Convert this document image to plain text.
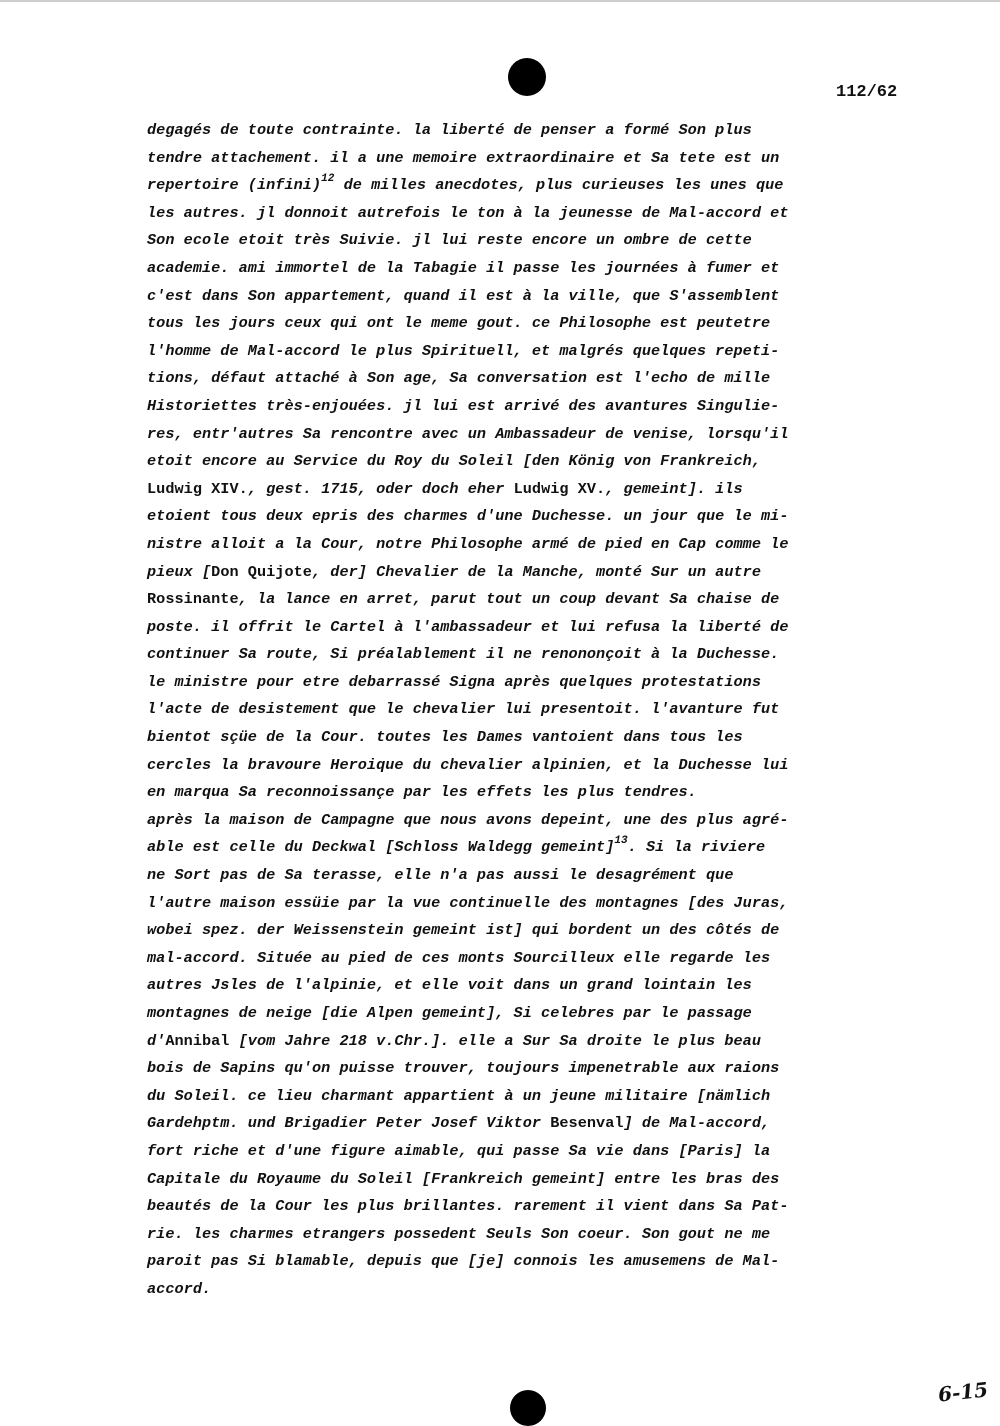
112/62
degagés de toute contrainte. la liberté de penser a formé Son plus
tendre attachement. il a une memoire extraordinaire et Sa tete est un
repertoire (infini)$^{12}$ de milles anecdotes, plus curieuses les unes que
les autres. jl donnoit autrefois le ton à la jeunesse de Mal-accord et
Son ecole etoit très Suivie. jl lui reste encore un ombre de cette
academie. ami immortel de la Tabagie il passe les journées à fumer et
c'est dans Son appartement, quand il est à la ville, que S'assemblent
tous les jours ceux qui ont le meme gout. ce Philosophe est peutetre
l'homme de Mal-accord le plus Spirituell, et malgrés quelques repeti-
tions, défaut attaché à Son age, Sa conversation est l'echo de mille
Historiettes très-enjouées. jl lui est arrivé des avantures Singulie-
res, entr'autres Sa rencontre avec un Ambassadeur de venise, lorsqu'il
etoit encore au Service du Roy du Soleil [den König von Frankreich,
Ludwig XIV., gest. 1715, oder doch eher Ludwig XV., gemeint]. ils
etoient tous deux epris des charmes d'une Duchesse. un jour que le mi-
nistre alloit a la Cour, notre Philosophe armé de pied en Cap comme le
pieux [Don Quijote, der] Chevalier de la Manche, monté Sur un autre
Rossinante, la lance en arret, parut tout un coup devant Sa chaise de
poste. il offrit le Cartel à l'ambassadeur et lui refusa la liberté de
continuer Sa route, Si préalablement il ne renononçoit à la Duchesse.
le ministre pour etre debarrassé Signa après quelques protestations
l'acte de desistement que le chevalier lui presentoit. l'avanture fut
bientot sçüe de la Cour. toutes les Dames vantoient dans tous les
cercles la bravoure Heroique du chevalier alpinien, et la Duchesse lui
en marqua Sa reconnoissançe par les effets les plus tendres.
après la maison de Campagne que nous avons depeint, une des plus agré-
able est celle du Deckwal [Schloss Waldegg gemeint]$^{13}$. Si la riviere
ne Sort pas de Sa terasse, elle n'a pas aussi le desagrément que
l'autre maison essüie par la vue continuelle des montagnes [des Juras,
wobei spez. der Weissenstein gemeint ist] qui bordent un des côtés de
mal-accord. Située au pied de ces monts Sourcilleux elle regarde les
autres Jsles de l'alpinie, et elle voit dans un grand lointain les
montagnes de neige [die Alpen gemeint], Si celebres par le passage
d'Annibal [vom Jahre 218 v.Chr.]. elle a Sur Sa droite le plus beau
bois de Sapins qu'on puisse trouver, toujours impenetrable aux raions
du Soleil. ce lieu charmant appartient à un jeune militaire [nämlich
Gardehptm. und Brigadier Peter Josef Viktor Besenval] de Mal-accord,
fort riche et d'une figure aimable, qui passe Sa vie dans [Paris] la
Capitale du Royaume du Soleil [Frankreich gemeint] entre les bras des
beautés de la Cour les plus brillantes. rarement il vient dans Sa Pat-
rie. les charmes etrangers possedent Seuls Son coeur. Son gout ne me
paroit pas Si blamable, depuis que [je] connois les amusemens de Mal-
accord.
6-15
